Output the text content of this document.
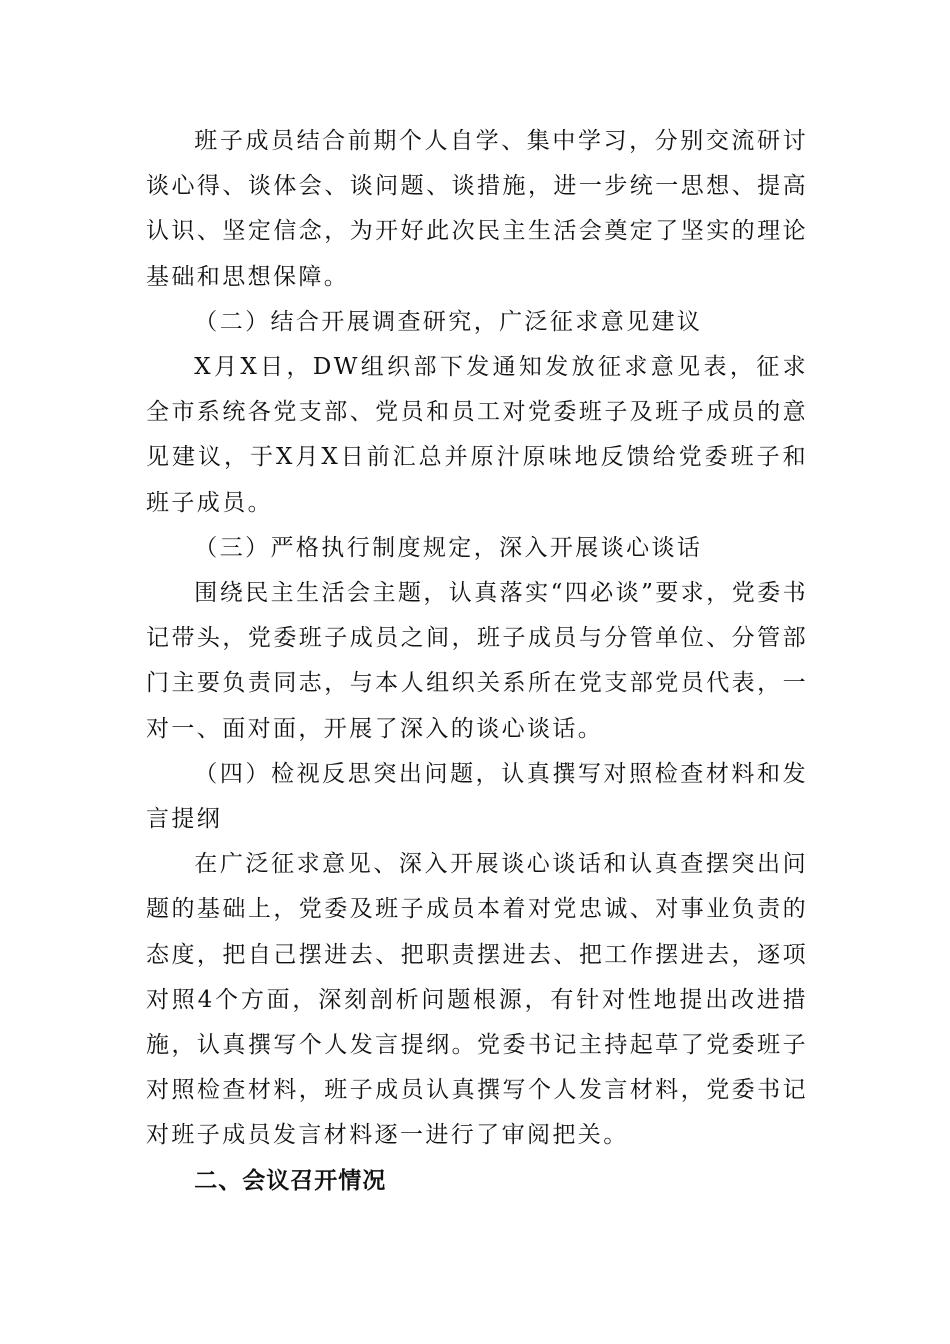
班子成员结合前期个人自学、集中学习，分别交流研讨谈心得、谈体会、谈问题、谈措施，进一步统一思想、提高认识、坚定信念，为开好此次民主生活会奠定了坚实的理论基础和思想保障。

（二）结合开展调查研究，广泛征求意见建议

X月X日，DW组织部下发通知发放征求意见表，征求全市系统各党支部、党员和员工对党委班子及班子成员的意见建议，于X月X日前汇总并原汁原味地反馈给党委班子和班子成员。

（三）严格执行制度规定，深入开展谈心谈话

围绕民主生活会主题，认真落实“四必谈”要求，党委书记带头，党委班子成员之间，班子成员与分管单位、分管部门主要负责同志，与本人组织关系所在党支部党员代表，一对一、面对面，开展了深入的谈心谈话。

（四）检视反思突出问题，认真撰写对照检查材料和发言提纲

在广泛征求意见、深入开展谈心谈话和认真查摆突出问题的基础上，党委及班子成员本着对党忠诚、对事业负责的态度，把自己摆进去、把职责摆进去、把工作摆进去，逐项对照4个方面，深刻剖析问题根源，有针对性地提出改进措施，认真撰写个人发言提纲。党委书记主持起草了党委班子对照检查材料，班子成员认真撰写个人发言材料，党委书记对班子成员发言材料逐一进行了审阅把关。

二、会议召开情况
